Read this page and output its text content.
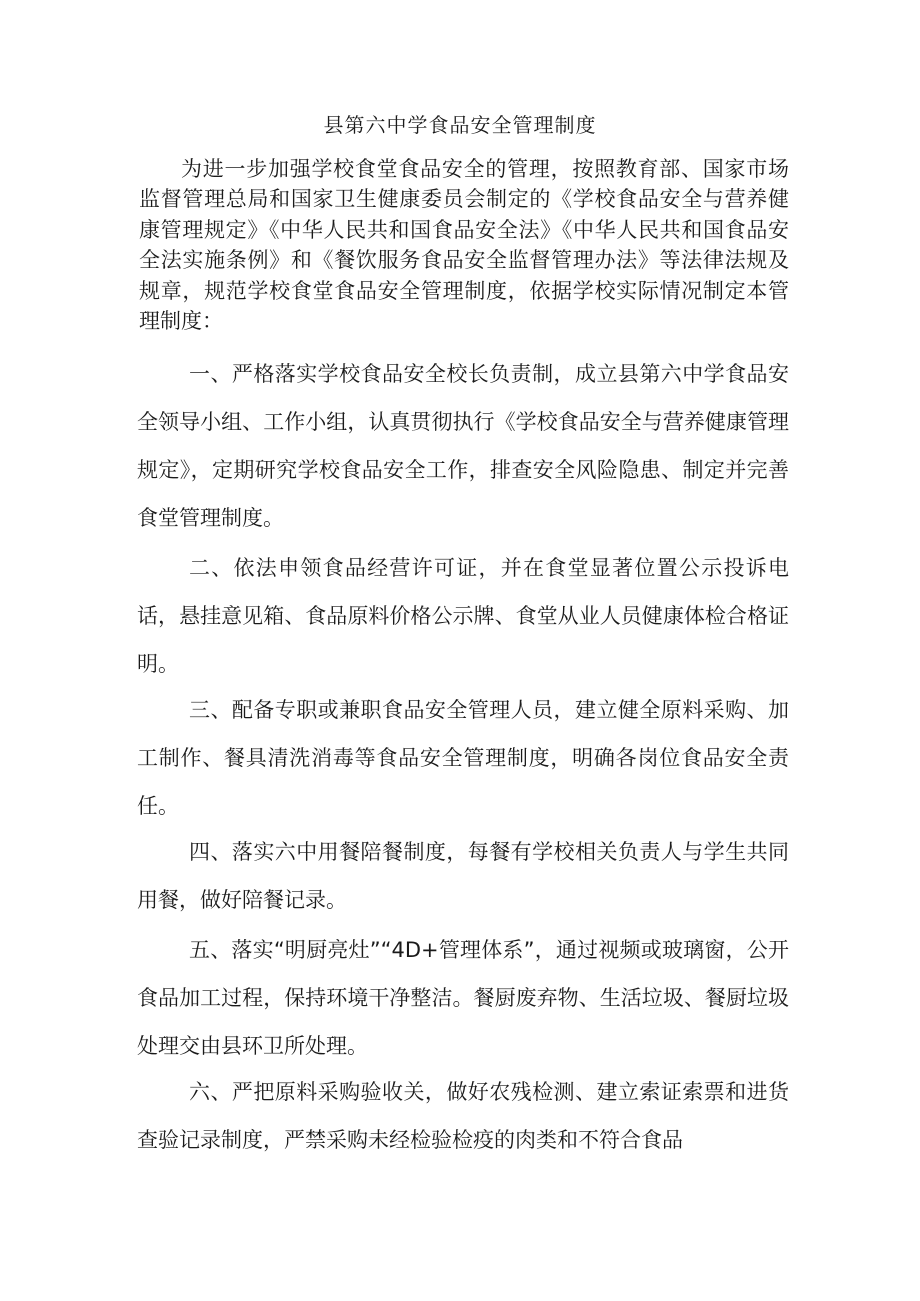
县第六中学食品安全管理制度

为进一步加强学校食堂食品安全的管理，按照教育部、国家市场监督管理总局和国家卫生健康委员会制定的《学校食品安全与营养健康管理规定》《中华人民共和国食品安全法》《中华人民共和国食品安全法实施条例》和《餐饮服务食品安全监督管理办法》等法律法规及规章，规范学校食堂食品安全管理制度，依据学校实际情况制定本管理制度：

一、严格落实学校食品安全校长负责制，成立县第六中学食品安全领导小组、工作小组，认真贯彻执行《学校食品安全与营养健康管理规定》，定期研究学校食品安全工作，排查安全风险隐患、制定并完善食堂管理制度。

二、依法申领食品经营许可证，并在食堂显著位置公示投诉电话，悬挂意见箱、食品原料价格公示牌、食堂从业人员健康体检合格证明。

三、配备专职或兼职食品安全管理人员，建立健全原料采购、加工制作、餐具清洗消毒等食品安全管理制度，明确各岗位食品安全责任。

四、落实六中用餐陪餐制度，每餐有学校相关负责人与学生共同用餐，做好陪餐记录。

五、落实“明厨亮灶”“4D+管理体系”，通过视频或玻璃窗，公开食品加工过程，保持环境干净整洁。餐厨废弃物、生活垃圾、餐厨垃圾处理交由县环卫所处理。

六、严把原料采购验收关，做好农残检测、建立索证索票和进货查验记录制度，严禁采购未经检验检疫的肉类和不符合食品
